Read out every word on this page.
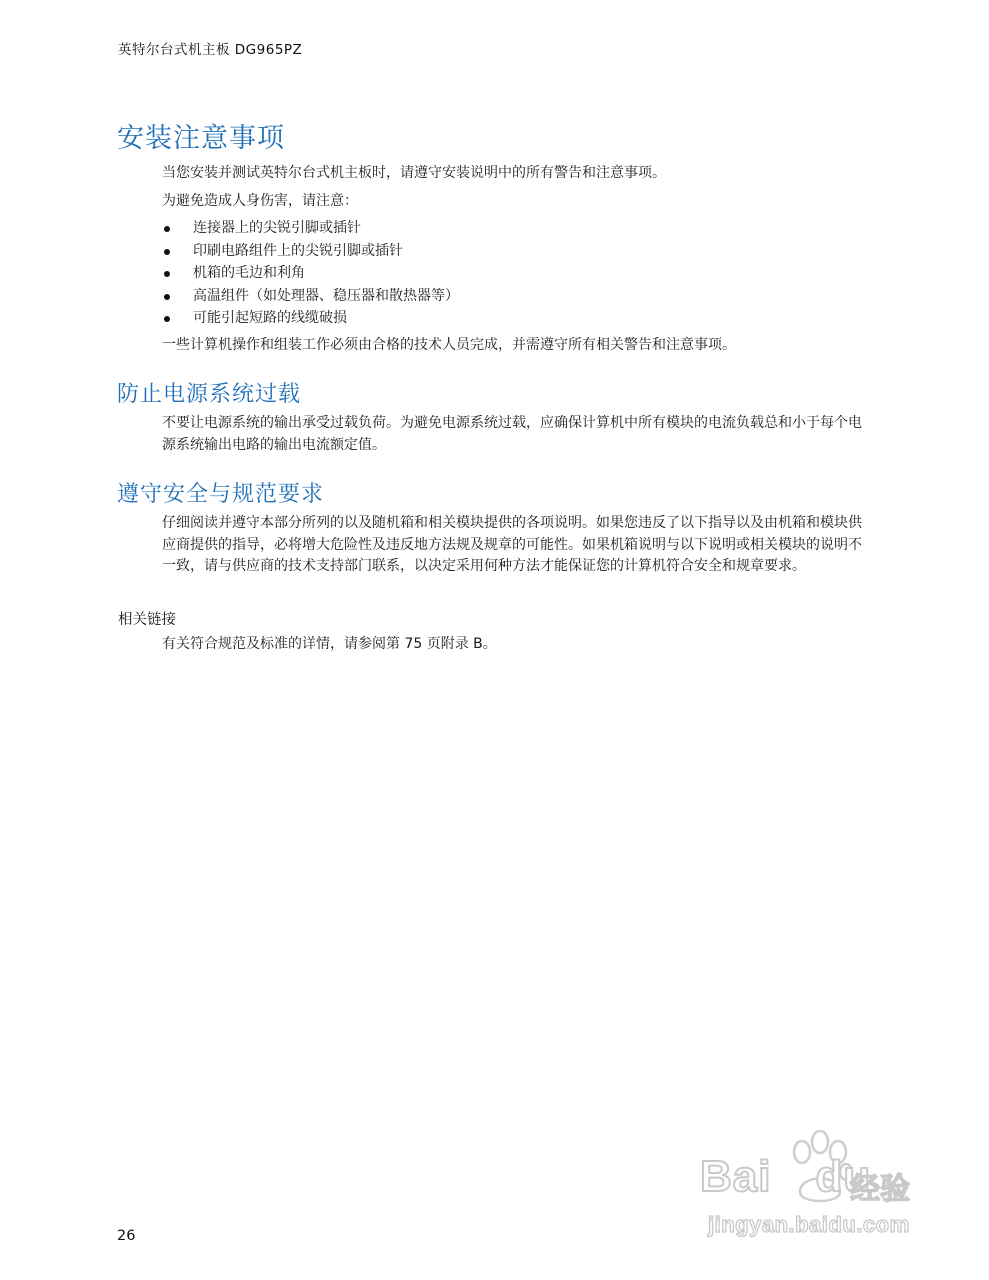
英特尔台式机主板 DG965PZ
安装注意事项

当您安装并测试英特尔台式机主板时，请遵守安装说明中的所有警告和注意事项。

为避免造成人身伤害，请注意：

连接器上的尖锐引脚或插针
印刷电路组件上的尖锐引脚或插针
机箱的毛边和利角
高温组件（如处理器、稳压器和散热器等）
可能引起短路的线缆破损

一些计算机操作和组装工作必须由合格的技术人员完成，并需遵守所有相关警告和注意事项。

防止电源系统过载

不要让电源系统的输出承受过载负荷。为避免电源系统过载，应确保计算机中所有模块的电流负载总和小于每个电源系统输出电路的输出电流额定值。

遵守安全与规范要求

仔细阅读并遵守本部分所列的以及随机箱和相关模块提供的各项说明。如果您违反了以下指导以及由机箱和模块供应商提供的指导，必将增大危险性及违反地方法规及规章的可能性。如果机箱说明与以下说明或相关模块的说明不一致，请与供应商的技术支持部门联系，以决定采用何种方法才能保证您的计算机符合安全和规章要求。

相关链接

有关符合规范及标准的详情，请参阅第 75 页附录 B。

26
Bai du
经验
jingyan.baidu.com
